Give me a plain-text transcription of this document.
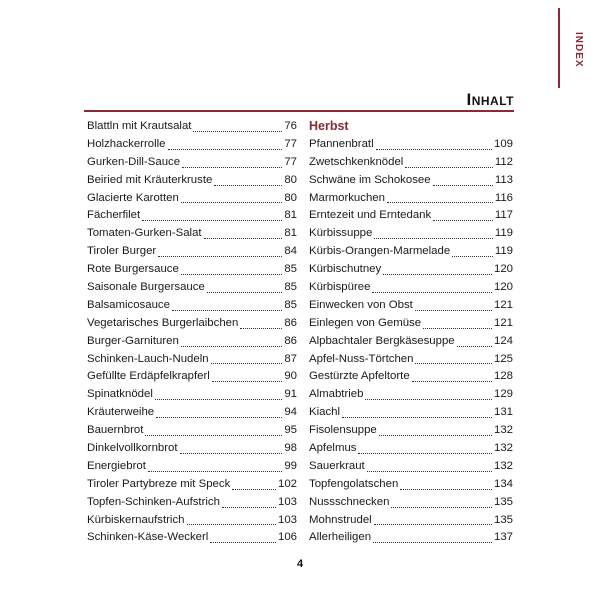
INDEX
Inhalt
Blattln mit Krautsalat	76
Holzhackerrolle	77
Gurken-Dill-Sauce	77
Beiried mit Kräuterkruste	80
Glacierte Karotten	80
Fächerfilet	81
Tomaten-Gurken-Salat	81
Tiroler Burger	84
Rote Burgersauce	85
Saisonale Burgersauce	85
Balsamicosauce	85
Vegetarisches Burgerlaibchen	86
Burger-Garnituren	86
Schinken-Lauch-Nudeln	87
Gefüllte Erdäpfelkrapferl	90
Spinatknödel	91
Kräuterweihe	94
Bauernbrot	95
Dinkelvollkornbrot	98
Energiebrot	99
Tiroler Partybreze mit Speck	102
Topfen-Schinken-Aufstrich	103
Kürbiskernaufstrich	103
Schinken-Käse-Weckerl	106
Herbst
Pfannenbratl	109
Zwetschkenknödel	112
Schwäne im Schokosee	113
Marmorkuchen	116
Erntezeit und Erntedank	117
Kürbissuppe	119
Kürbis-Orangen-Marmelade	119
Kürbischutney	120
Kürbispüree	120
Einwecken von Obst	121
Einlegen von Gemüse	121
Alpbachtaler Bergkäsesuppe	124
Apfel-Nuss-Törtchen	125
Gestürzte Apfeltorte	128
Almabtrieb	129
Kiachl	131
Fisolensuppe	132
Apfelmus	132
Sauerkraut	132
Topfengolatschen	134
Nussschnecken	135
Mohnstrudel	135
Allerheiligen	137
4
